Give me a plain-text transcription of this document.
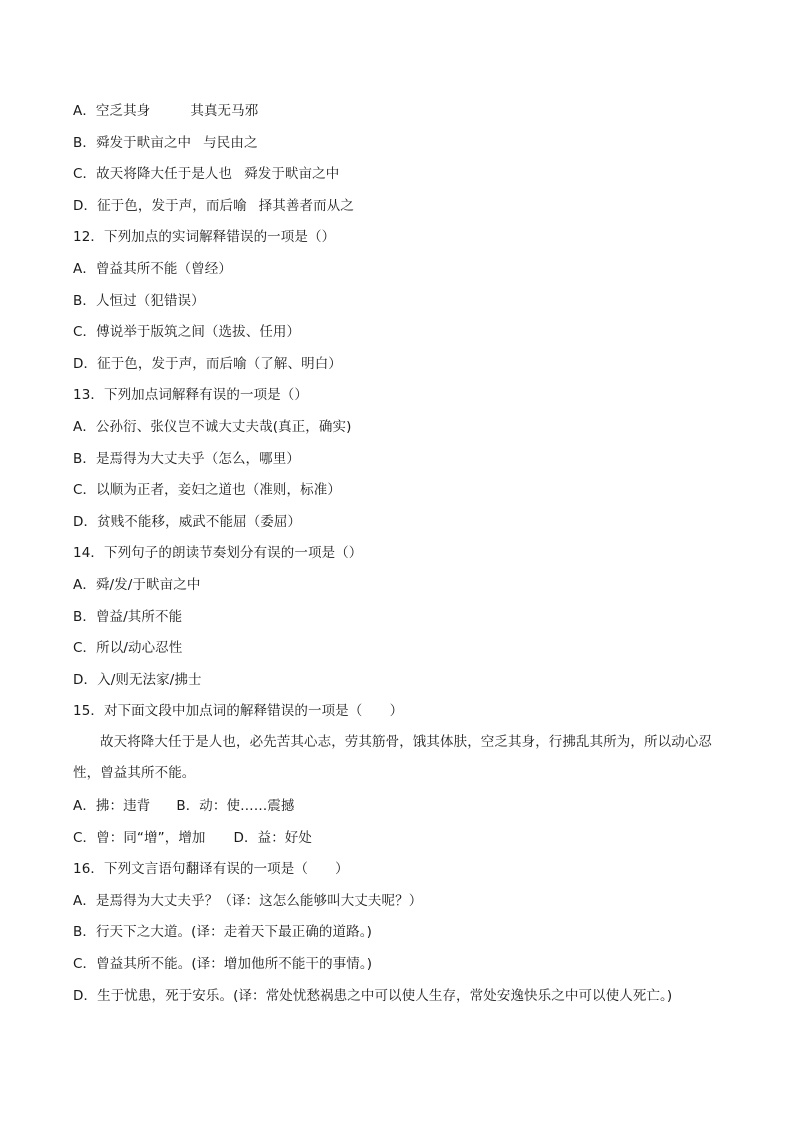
A．空乏其身	其真无马邪
B．舜发于畎亩之中 与民由之
C．故天将降大任于是人也 舜发于畎亩之中
D．征于色，发于声，而后喻 择其善者而从之
12．下列加点的实词解释错误的一项是（）
A．曾益其所不能（曾经）
B．人恒过（犯错误）
C．傅说举于版筑之间（选拔、任用）
D．征于色，发于声，而后喻（了解、明白）
13．下列加点词解释有误的一项是（）
A．公孙衍、张仪岂不诚大丈夫哉(真正，确实)
B．是焉得为大丈夫乎（怎么，哪里）
C．以顺为正者，妾妇之道也（准则，标准）
D．贫贱不能移，威武不能屈（委屈）
14．下列句子的朗读节奏划分有误的一项是（）
A．舜/发/于畎亩之中
B．曾益/其所不能
C．所以/动心忍性
D．入/则无法家/拂士
15．对下面文段中加点词的解释错误的一项是（　　）
故天将降大任于是人也，必先苦其心志，劳其筋骨，饿其体肤，空乏其身，行拂乱其所为，所以动心忍性，曾益其所不能。
A．拂：违背 B．动：使……震撼
C．曾：同“增”，增加 D．益：好处
16．下列文言语句翻译有误的一项是（　　）
A．是焉得为大丈夫乎？（译：这怎么能够叫大丈夫呢？）
B．行天下之大道。(译：走着天下最正确的道路。)
C．曾益其所不能。(译：增加他所不能干的事情。)
D．生于忧患，死于安乐。(译：常处忧愁祸患之中可以使人生存，常处安逸快乐之中可以使人死亡。)
